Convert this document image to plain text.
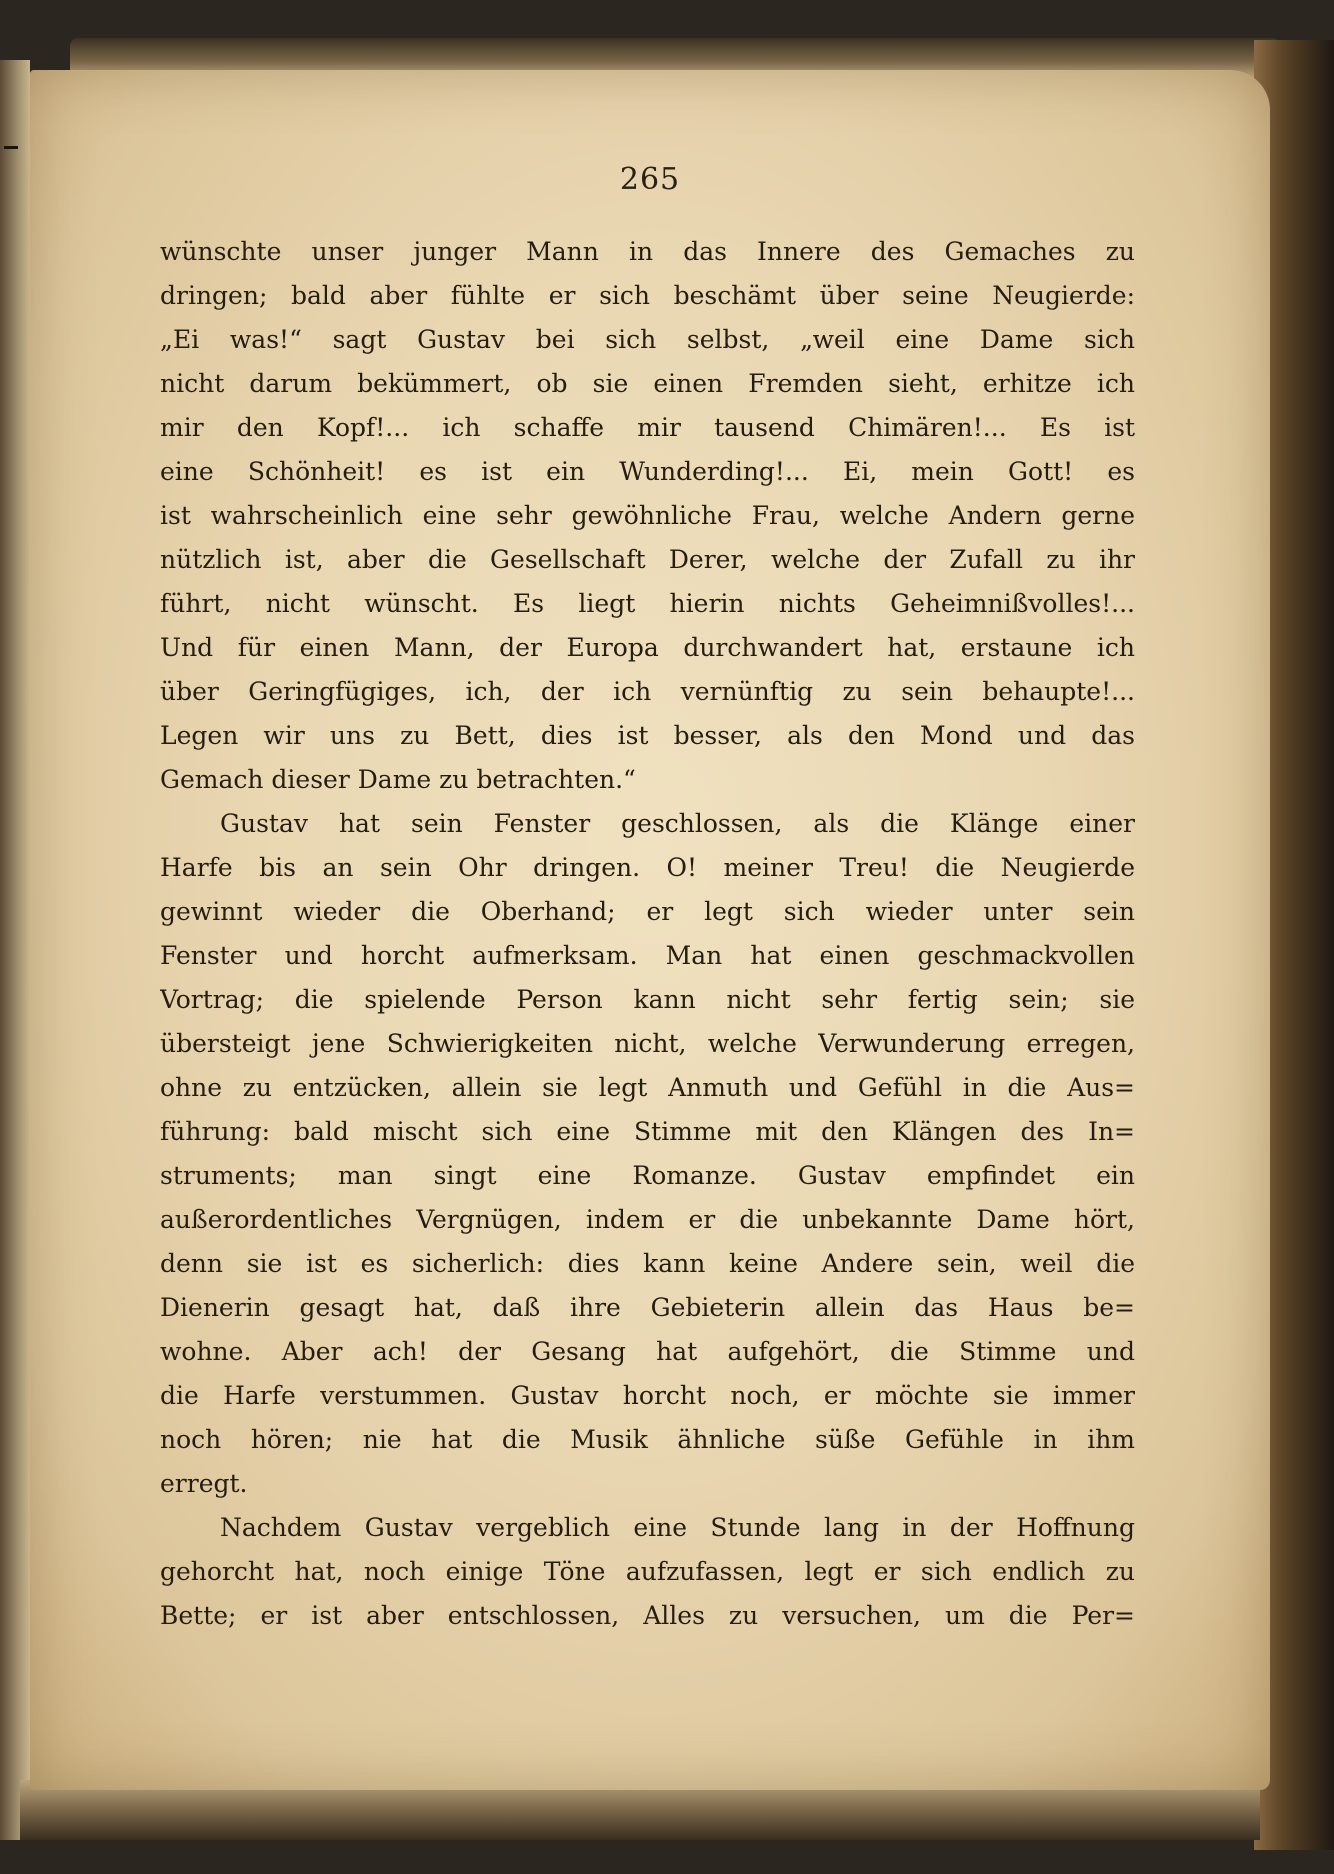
265
wünschte unser junger Mann in das Innere des Gemaches zu
dringen; bald aber fühlte er sich beschämt über seine Neugierde:
„Ei was!“ sagt Gustav bei sich selbst, „weil eine Dame sich
nicht darum bekümmert, ob sie einen Fremden sieht, erhitze ich
mir den Kopf!... ich schaffe mir tausend Chimären!... Es ist
eine Schönheit! es ist ein Wunderding!... Ei, mein Gott! es
ist wahrscheinlich eine sehr gewöhnliche Frau, welche Andern gerne
nützlich ist, aber die Gesellschaft Derer, welche der Zufall zu ihr
führt, nicht wünscht. Es liegt hierin nichts Geheimnißvolles!...
Und für einen Mann, der Europa durchwandert hat, erstaune ich
über Geringfügiges, ich, der ich vernünftig zu sein behaupte!...
Legen wir uns zu Bett, dies ist besser, als den Mond und das
Gemach dieser Dame zu betrachten.“
Gustav hat sein Fenster geschlossen, als die Klänge einer
Harfe bis an sein Ohr dringen. O! meiner Treu! die Neugierde
gewinnt wieder die Oberhand; er legt sich wieder unter sein
Fenster und horcht aufmerksam. Man hat einen geschmackvollen
Vortrag; die spielende Person kann nicht sehr fertig sein; sie
übersteigt jene Schwierigkeiten nicht, welche Verwunderung erregen,
ohne zu entzücken, allein sie legt Anmuth und Gefühl in die Aus=
führung: bald mischt sich eine Stimme mit den Klängen des In=
struments; man singt eine Romanze. Gustav empfindet ein
außerordentliches Vergnügen, indem er die unbekannte Dame hört,
denn sie ist es sicherlich: dies kann keine Andere sein, weil die
Dienerin gesagt hat, daß ihre Gebieterin allein das Haus be=
wohne. Aber ach! der Gesang hat aufgehört, die Stimme und
die Harfe verstummen. Gustav horcht noch, er möchte sie immer
noch hören; nie hat die Musik ähnliche süße Gefühle in ihm
erregt.
Nachdem Gustav vergeblich eine Stunde lang in der Hoffnung
gehorcht hat, noch einige Töne aufzufassen, legt er sich endlich zu
Bette; er ist aber entschlossen, Alles zu versuchen, um die Per=
